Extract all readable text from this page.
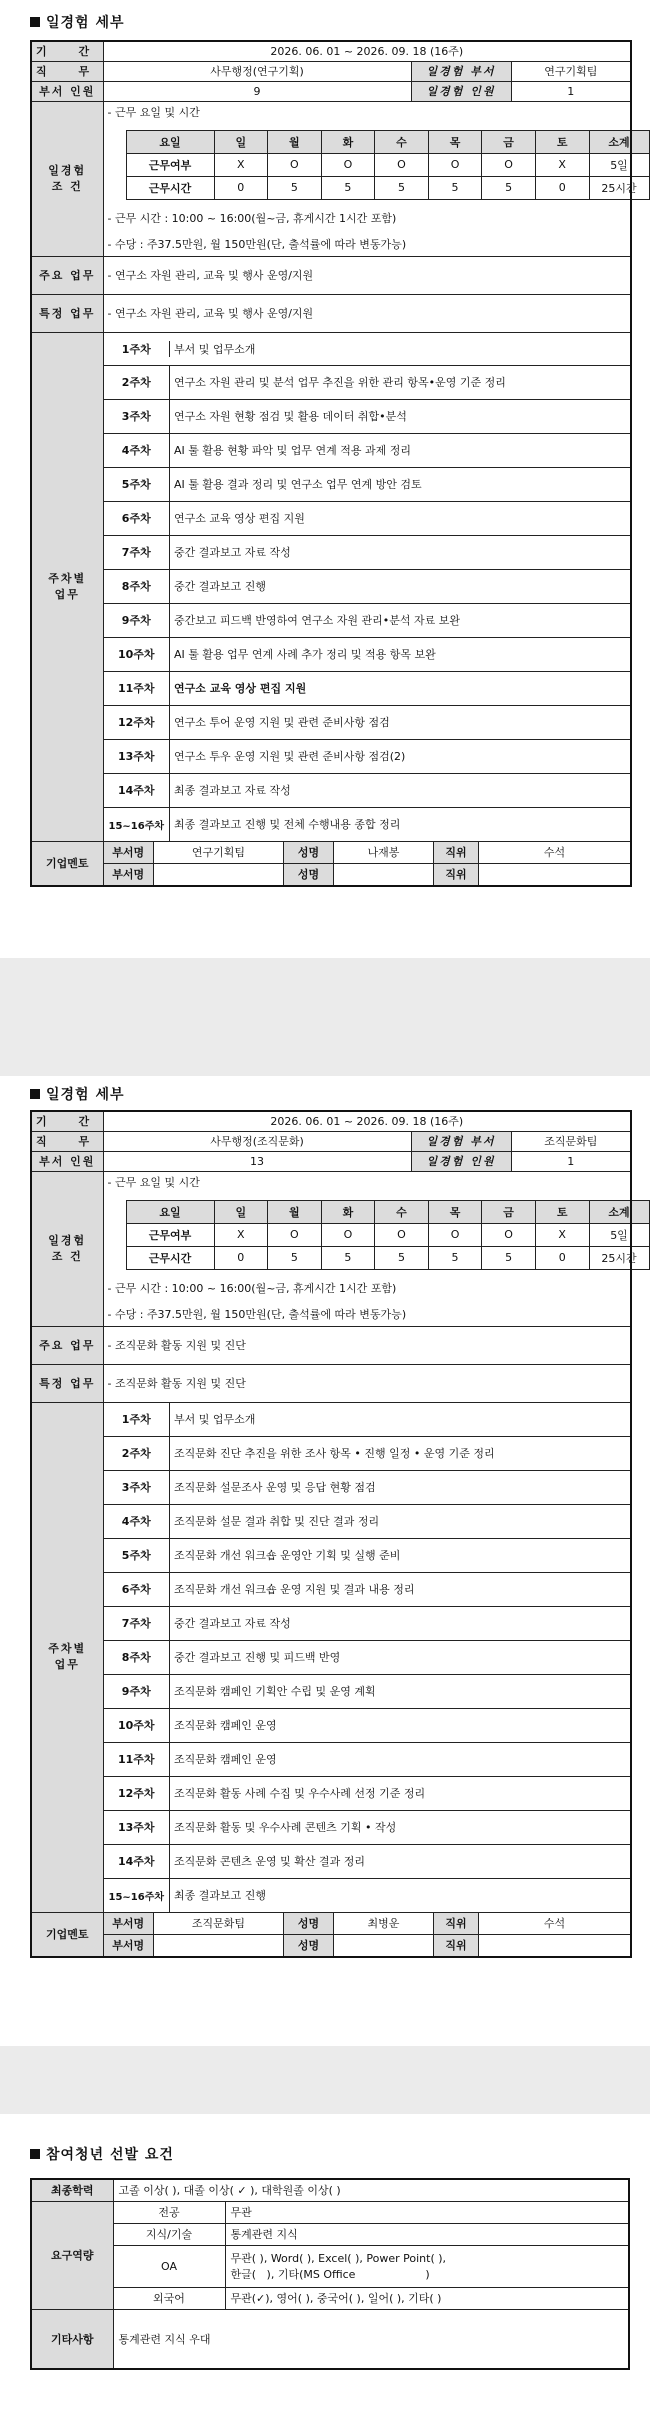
일경험 세부
기 간	2026. 06. 01 ~ 2026. 09. 18 (16주)
직 무	사무행정(연구기획)	일경험 부서	연구기획팀
부서 인원	9	일경험 인원	1
일경험
조 건	
- 근무 요일 및 시간
요일	일	월	화	수	목	금	토	소계
근무여부	X	O	O	O	O	O	X	5일
근무시간	0	5	5	5	5	5	0	25시간
- 근무 시간 : 10:00 ~ 16:00(월~금, 휴게시간 1시간 포함)
- 수당 : 주37.5만원, 월 150만원(단, 출석률에 따라 변동가능)

주요 업무	- 연구소 자원 관리, 교육 및 행사 운영/지원
특정 업무	- 연구소 자원 관리, 교육 및 행사 운영/지원
주차별
업무	
1주차	부서 및 업무소개

2주차	연구소 자원 관리 및 분석 업무 추진을 위한 관리 항목•운영 기준 정리

3주차	연구소 자원 현황 점검 및 활용 데이터 취합•분석

4주차	AI 툴 활용 현황 파악 및 업무 연계 적용 과제 정리

5주차	AI 툴 활용 결과 정리 및 연구소 업무 연계 방안 검토

6주차	연구소 교육 영상 편집 지원

7주차	중간 결과보고 자료 작성

8주차	중간 결과보고 진행

9주차	중간보고 피드백 반영하여 연구소 자원 관리•분석 자료 보완

10주차	AI 툴 활용 업무 연계 사례 추가 정리 및 적용 항목 보완

11주차	연구소 교육 영상 편집 지원

12주차	연구소 투어 운영 지원 및 관련 준비사항 점검

13주차	연구소 투우 운영 지원 및 관련 준비사항 점검(2)

14주차	최종 결과보고 자료 작성

15~16주차	최종 결과보고 진행 및 전체 수행내용 종합 정리

기업멘토	
부서명	연구기획팀	성명	나재봉	직위	수석

부서명		성명		직위	
일경험 세부
기 간	2026. 06. 01 ~ 2026. 09. 18 (16주)
직 무	사무행정(조직문화)	일경험 부서	조직문화팀
부서 인원	13	일경험 인원	1
일경험
조 건	
- 근무 요일 및 시간
요일	일	월	화	수	목	금	토	소계
근무여부	X	O	O	O	O	O	X	5일
근무시간	0	5	5	5	5	5	0	25시간
- 근무 시간 : 10:00 ~ 16:00(월~금, 휴게시간 1시간 포함)
- 수당 : 주37.5만원, 월 150만원(단, 출석률에 따라 변동가능)

주요 업무	- 조직문화 활동 지원 및 진단
특정 업무	- 조직문화 활동 지원 및 진단
주차별
업무	
1주차	부서 및 업무소개

2주차	조직문화 진단 추진을 위한 조사 항목 • 진행 일정 • 운영 기준 정리

3주차	조직문화 설문조사 운영 및 응답 현황 점검

4주차	조직문화 설문 결과 취합 및 진단 결과 정리

5주차	조직문화 개선 워크숍 운영안 기획 및 실행 준비

6주차	조직문화 개선 워크숍 운영 지원 및 결과 내용 정리

7주차	중간 결과보고 자료 작성

8주차	중간 결과보고 진행 및 피드백 반영

9주차	조직문화 캠페인 기획안 수립 및 운영 계획

10주차	조직문화 캠페인 운영

11주차	조직문화 캠페인 운영

12주차	조직문화 활동 사례 수집 및 우수사례 선정 기준 정리

13주차	조직문화 활동 및 우수사례 콘텐츠 기획 • 작성

14주차	조직문화 콘텐츠 운영 및 확산 결과 정리

15~16주차	최종 결과보고 진행

기업멘토	
부서명	조직문화팀	성명	최병운	직위	수석

부서명		성명		직위	
참여청년 선발 요건
최종학력	고졸 이상( ), 대졸 이상( ✓ ), 대학원졸 이상( )	
요구역량	전공	무관
	지식/기술	통계관련 지식
	OA	무관( ), Word( ), Excel( ), Power Point( ),
한글(   ), 기타(MS Office                    )

	외국어	무관(✓), 영어( ), 중국어( ), 일어( ), 기타( )
기타사항	통계관련 지식 우대	
